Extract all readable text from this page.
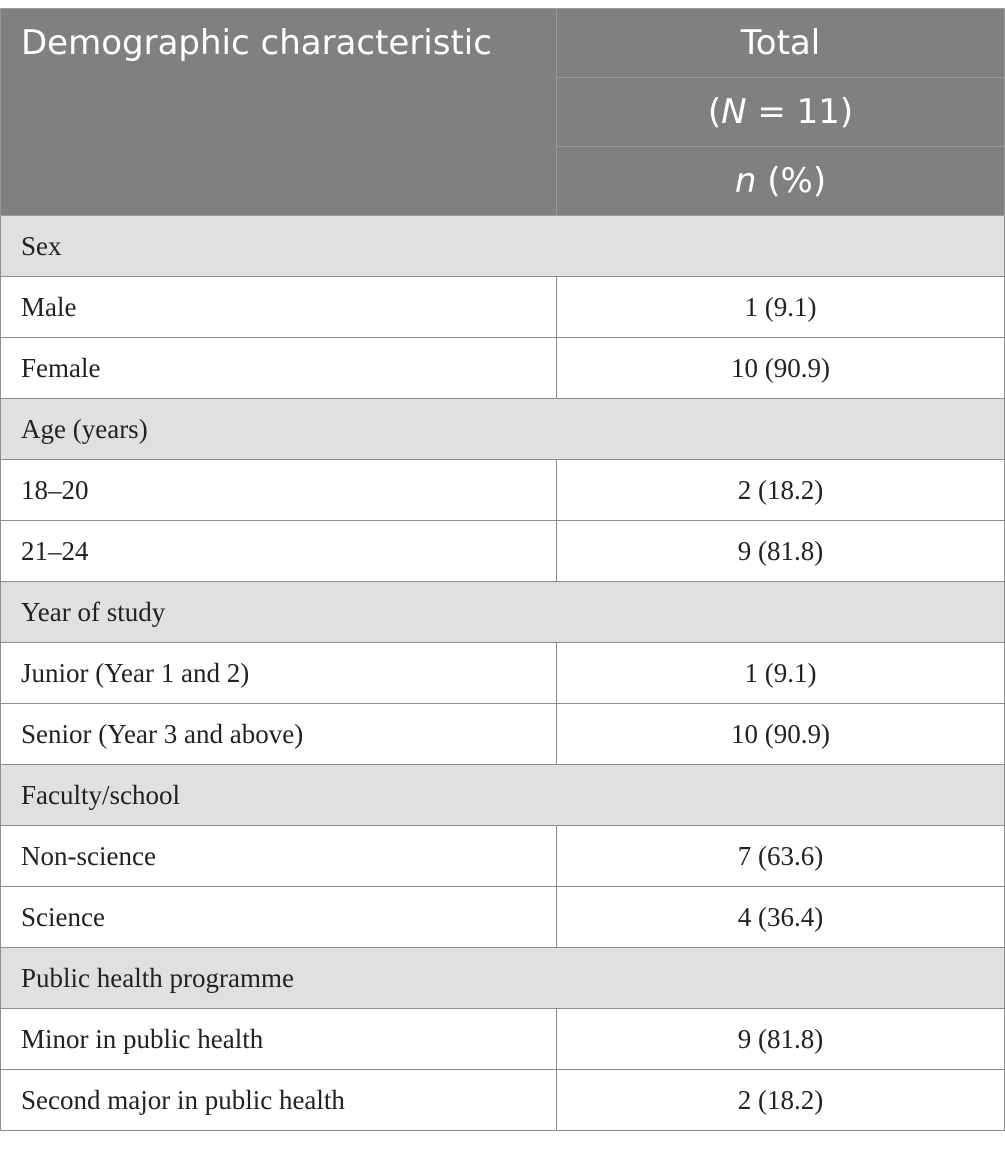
Demographic characteristic	Total
	(N = 11)
	n (%)
Sex	
Male	1 (9.1)
Female	10 (90.9)
Age (years)	
18–20	2 (18.2)
21–24	9 (81.8)
Year of study	
Junior (Year 1 and 2)	1 (9.1)
Senior (Year 3 and above)	10 (90.9)
Faculty/school	
Non-science	7 (63.6)
Science	4 (36.4)
Public health programme	
Minor in public health	9 (81.8)
Second major in public health	2 (18.2)
